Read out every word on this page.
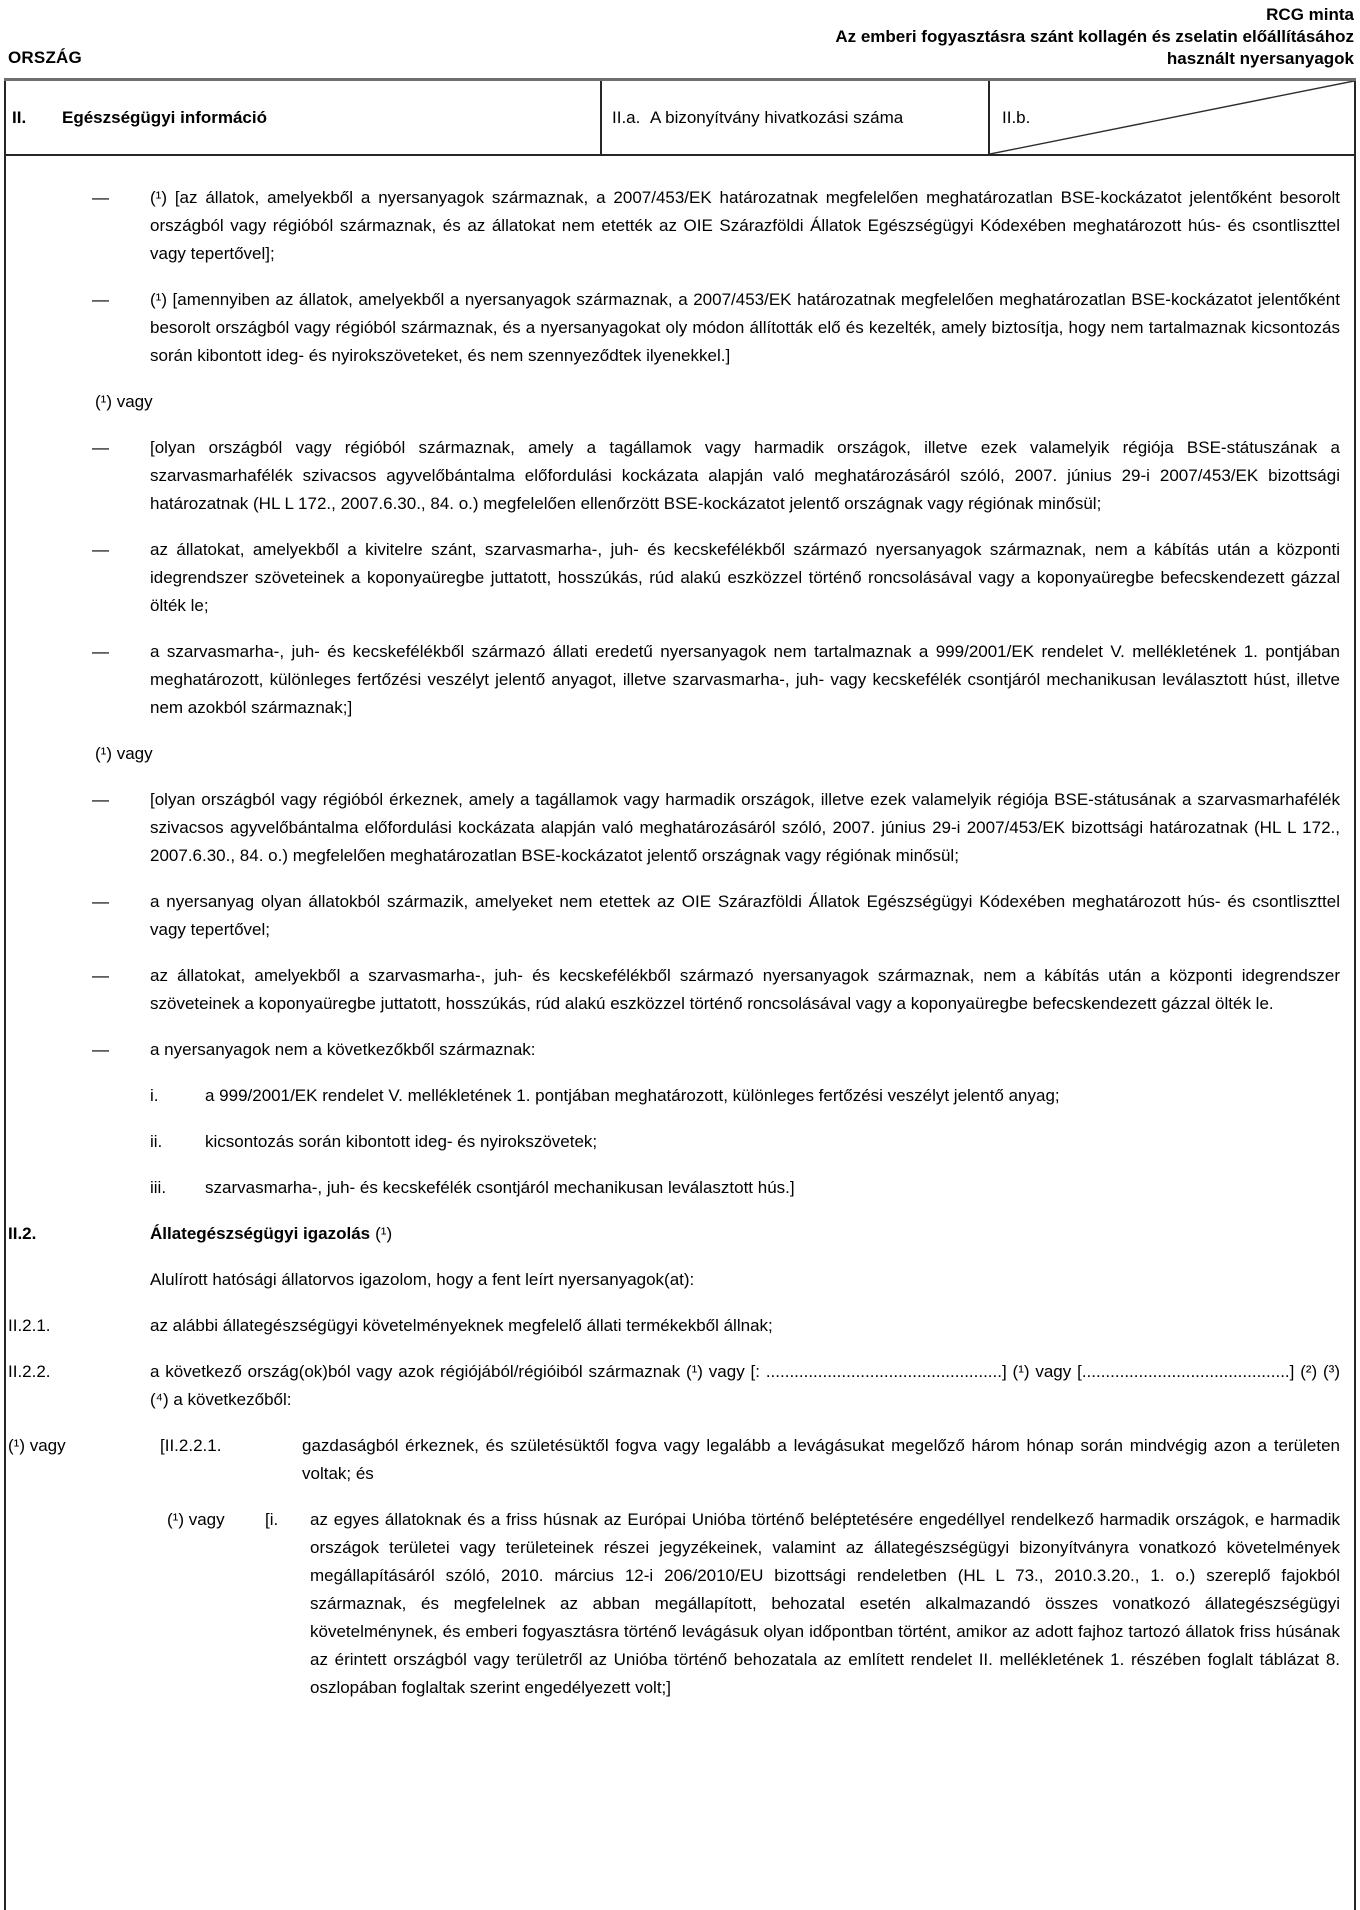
ORSZÁG
RCG minta
Az emberi fogyasztásra szánt kollagén és zselatin előállításához
használt nyersanyagok
II.	Egészségügyi információ	II.a. A bizonyítvány hivatkozási száma	II.b.
—	(¹) [az állatok, amelyekből a nyersanyagok származnak, a 2007/453/EK határozatnak megfelelően meghatározatlan BSE-kockázatot jelentőként besorolt országból vagy régióból származnak, és az állatokat nem etették az OIE Szárazföldi Állatok Egészségügyi Kódexében meghatározott hús- és csontliszttel vagy tepertővel];
—	(¹) [amennyiben az állatok, amelyekből a nyersanyagok származnak, a 2007/453/EK határozatnak megfelelően meghatározatlan BSE-kockázatot jelentőként besorolt országból vagy régióból származnak, és a nyersanyagokat oly módon állították elő és kezelték, amely biztosítja, hogy nem tartalmaznak kicsontozás során kibontott ideg- és nyirokszöveteket, és nem szennyeződtek ilyenekkel.]
(¹) vagy
—	[olyan országból vagy régióból származnak, amely a tagállamok vagy harmadik országok, illetve ezek valamelyik régiója BSE-státuszának a szarvasmarhafélék szivacsos agyvelőbántalma előfordulási kockázata alapján való meghatározásáról szóló, 2007. június 29-i 2007/453/EK bizottsági határozatnak (HL L 172., 2007.6.30., 84. o.) megfelelően ellenőrzött BSE-kockázatot jelentő országnak vagy régiónak minősül;
—	az állatokat, amelyekből a kivitelre szánt, szarvasmarha-, juh- és kecskefélékből származó nyersanyagok származnak, nem a kábítás után a központi idegrendszer szöveteinek a koponyaüregbe juttatott, hosszúkás, rúd alakú eszközzel történő roncsolásával vagy a koponyaüregbe befecskendezett gázzal ölték le;
—	a szarvasmarha-, juh- és kecskefélékből származó állati eredetű nyersanyagok nem tartalmaznak a 999/2001/EK rendelet V. mellékletének 1. pontjában meghatározott, különleges fertőzési veszélyt jelentő anyagot, illetve szarvasmarha-, juh- vagy kecskefélék csontjáról mechanikusan leválasztott húst, illetve nem azokból származnak;]
(¹) vagy
—	[olyan országból vagy régióból érkeznek, amely a tagállamok vagy harmadik országok, illetve ezek valamelyik régiója BSE-státusának a szarvasmarhafélék szivacsos agyvelőbántalma előfordulási kockázata alapján való meghatározásáról szóló, 2007. június 29-i 2007/453/EK bizottsági határozatnak (HL L 172., 2007.6.30., 84. o.) megfelelően meghatározatlan BSE-kockázatot jelentő országnak vagy régiónak minősül;
—	a nyersanyag olyan állatokból származik, amelyeket nem etettek az OIE Szárazföldi Állatok Egészségügyi Kódexében meghatározott hús- és csontliszttel vagy tepertővel;
—	az állatokat, amelyekből a szarvasmarha-, juh- és kecskefélékből származó nyersanyagok származnak, nem a kábítás után a központi idegrendszer szöveteinek a koponyaüregbe juttatott, hosszúkás, rúd alakú eszközzel történő roncsolásával vagy a koponyaüregbe befecskendezett gázzal ölték le.
—	a nyersanyagok nem a következőkből származnak:
i.	a 999/2001/EK rendelet V. mellékletének 1. pontjában meghatározott, különleges fertőzési veszélyt jelentő anyag;
ii.	kicsontozás során kibontott ideg- és nyirokszövetek;
iii.	szarvasmarha-, juh- és kecskefélék csontjáról mechanikusan leválasztott hús.]
II.2.	Állategészségügyi igazolás (¹)
Alulírott hatósági állatorvos igazolom, hogy a fent leírt nyersanyagok(at):
II.2.1.	az alábbi állategészségügyi követelményeknek megfelelő állati termékekből állnak;
II.2.2.	a következő ország(ok)ból vagy azok régiójából/régióiból származnak (¹) vagy [: ..................................................] (¹) vagy [............................................] (²) (³) (⁴) a következőből:
(¹) vagy	[II.2.2.1.	gazdaságból érkeznek, és születésüktől fogva vagy legalább a levágásukat megelőző három hónap során mindvégig azon a területen voltak; és
(¹) vagy	[i.	az egyes állatoknak és a friss húsnak az Európai Unióba történő beléptetésére engedéllyel rendelkező harmadik országok, e harmadik országok területei vagy területeinek részei jegyzékeinek, valamint az állategészségügyi bizonyítványra vonatkozó követelmények megállapításáról szóló, 2010. március 12-i 206/2010/EU bizottsági rendeletben (HL L 73., 2010.3.20., 1. o.) szereplő fajokból származnak, és megfelelnek az abban megállapított, behozatal esetén alkalmazandó összes vonatkozó állategészségügyi követelménynek, és emberi fogyasztásra történő levágásuk olyan időpontban történt, amikor az adott fajhoz tartozó állatok friss húsának az érintett országból vagy területről az Unióba történő behozatala az említett rendelet II. mellékletének 1. részében foglalt táblázat 8. oszlopában foglaltak szerint engedélyezett volt;]
